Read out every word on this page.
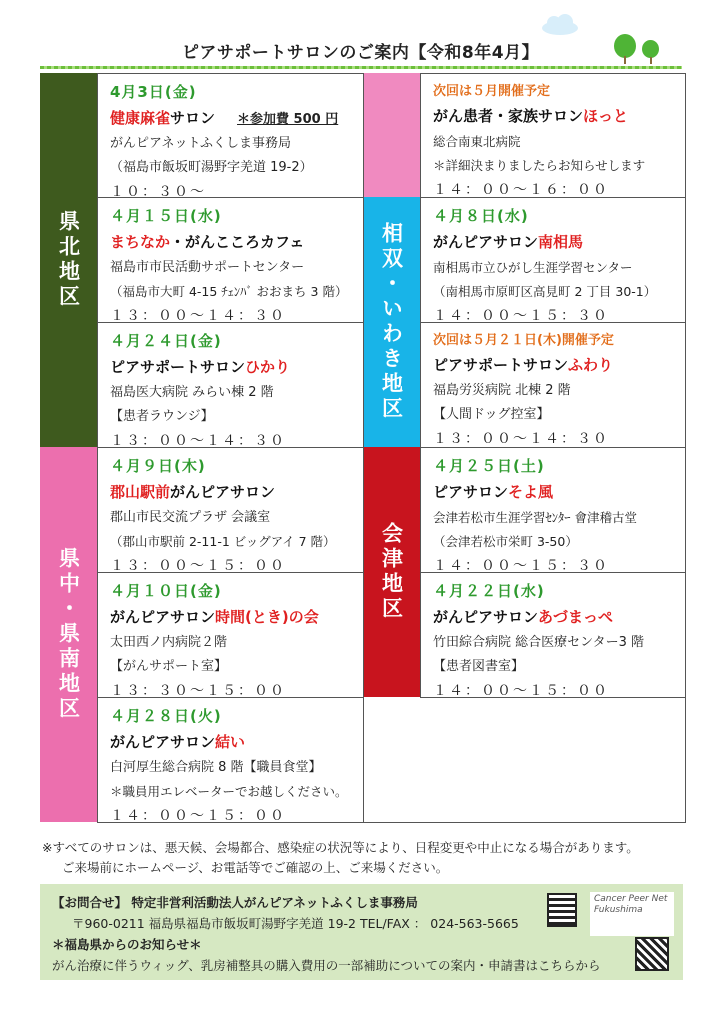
ピアサポートサロンのご案内【令和8年4月】
県北地区	相双・いわき地区
県中・県南地区	会津地区
4月3日(金)
健康麻雀サロン ＊参加費 500 円
がんピアネットふくしま事務局
（福島市飯坂町湯野字羌道 19-2）
１０：３０～
次回は５月開催予定
がん患者・家族サロンほっと
総合南東北病院
＊詳細決まりましたらお知らせします
１４：００～１６：００
４月１５日(水)
まちなか・がんこころカフェ
福島市市民活動サポートセンター
（福島市大町 4-15 ﾁｪﾝﾊﾞ おおまち 3 階）
１３：００～１４：３０
４月８日(水)
がんピアサロン南相馬
南相馬市立ひがし生涯学習センター
（南相馬市原町区高見町 2 丁目 30-1）
１４：００～１５：３０
４月２４日(金)
ピアサポートサロンひかり
福島医大病院 みらい棟 2 階
【患者ラウンジ】
１３：００～１４：３０
次回は５月２１日(木)開催予定
ピアサポートサロンふわり
福島労災病院 北棟 2 階
【人間ドッグ控室】
１３：００～１４：３０
４月９日(木)
郡山駅前がんピアサロン
郡山市民交流プラザ 会議室
（郡山市駅前 2-11-1 ビッグアイ 7 階）
１３：００～１５：００
４月２５日(土)
ピアサロンそよ風
会津若松市生涯学習ｾﾝﾀｰ 會津稽古堂
（会津若松市栄町 3-50）
１４：００～１５：３０
４月１０日(金)
がんピアサロン時間(とき)の会
太田西ノ内病院２階
【がんサポート室】
１３：３０～１５：００
４月２２日(水)
がんピアサロンあづまっぺ
竹田綜合病院 総合医療センター3 階
【患者図書室】
１４：００～１５：００
４月２８日(火)
がんピアサロン結い
白河厚生総合病院 8 階【職員食堂】
＊職員用エレベーターでお越しください。
１４：００～１５：００
※すべてのサロンは、悪天候、会場都合、感染症の状況等により、日程変更や中止になる場合があります。
ご来場前にホームページ、お電話等でご確認の上、ご来場ください。
【お問合せ】 特定非営利活動法人がんピアネットふくしま事務局
〒960-0211 福島県福島市飯坂町湯野字羌道 19-2 TEL/FAX ： 024-563-5665
＊福島県からのお知らせ＊
がん治療に伴うウィッグ、乳房補整具の購入費用の一部補助についての案内・申請書はこちらから
Cancer Peer Net Fukushima
